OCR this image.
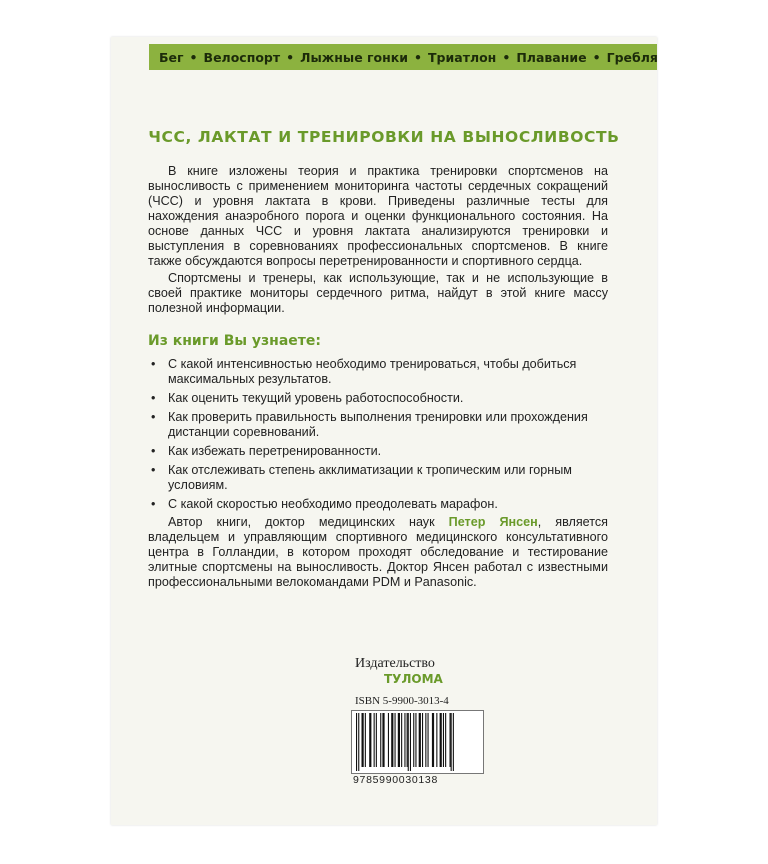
Бег • Велоспорт • Лыжные гонки • Триатлон • Плавание • Гребля
ЧСС, ЛАКТАТ И ТРЕНИРОВКИ НА ВЫНОСЛИВОСТЬ

В книге изложены теория и практика тренировки спортсменов на выносливость с применением мониторинга частоты сердечных сокращений (ЧСС) и уровня лактата в крови. Приведены различные тесты для нахождения анаэробного порога и оценки функционального состояния. На основе данных ЧСС и уровня лактата анализируются тренировки и выступления в соревнованиях профессиональных спортсменов. В книге также обсуждаются вопросы перетренированности и спортивного сердца.

Спортсмены и тренеры, как использующие, так и не использующие в своей практике мониторы сердечного ритма, найдут в этой книге массу полезной информации.

Из книги Вы узнаете:
• С какой интенсивностью необходимо тренироваться, чтобы добиться максимальных результатов.
• Как оценить текущий уровень работоспособности.
• Как проверить правильность выполнения тренировки или прохождения дистанции соревнований.
• Как избежать перетренированности.
• Как отслеживать степень акклиматизации к тропическим или горным условиям.
• С какой скоростью необходимо преодолевать марафон.

Автор книги, доктор медицинских наук Петер Янсен, является владельцем и управляющим спортивного медицинского консультативного центра в Голландии, в котором проходят обследование и тестирование элитные спортсмены на выносливость. Доктор Янсен работал с известными профессиональными велокомандами PDM и Panasonic.

Издательство
ТУЛОМА
ISBN 5-9900-3013-4
9785990030138
